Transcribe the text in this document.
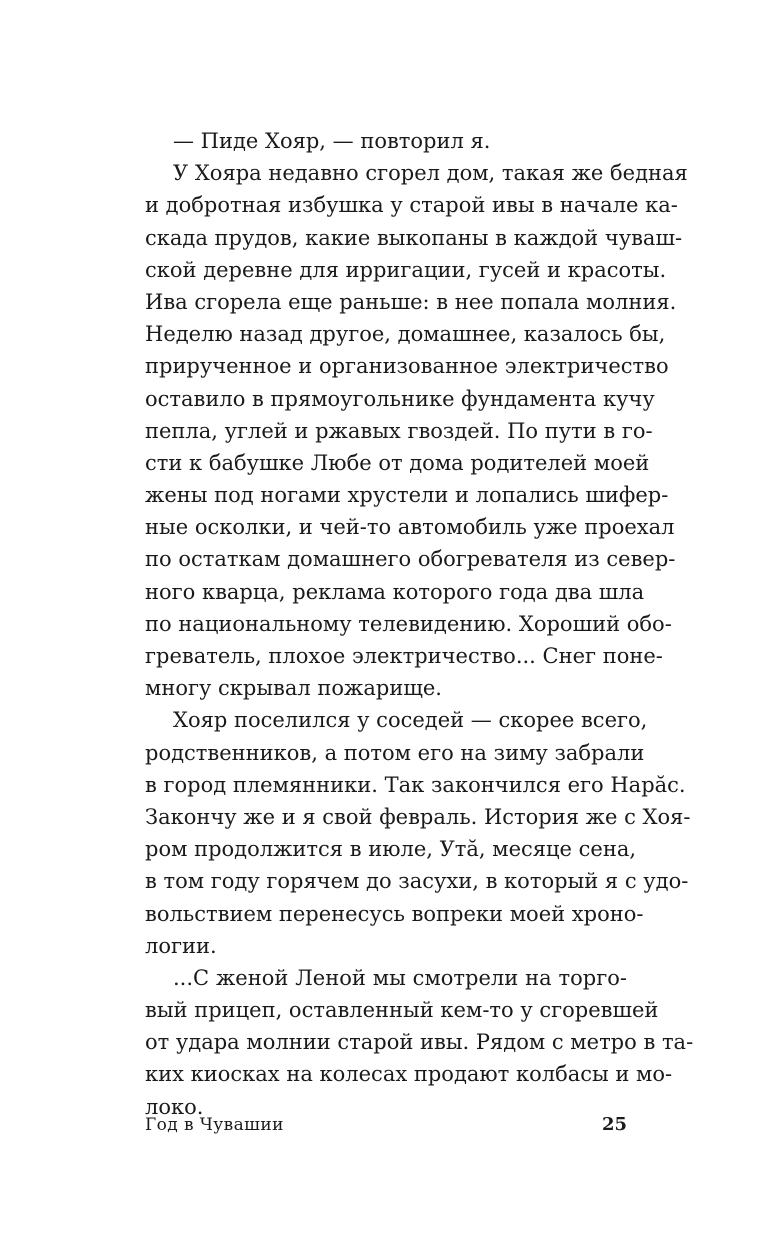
— Пиде Хояр, — повторил я.
У Хояра недавно сгорел дом, такая же бедная
и добротная избушка у старой ивы в начале ка-
скада прудов, какие выкопаны в каждой чуваш-
ской деревне для ирригации, гусей и красоты.
Ива сгорела еще раньше: в нее попала молния.
Неделю назад другое, домашнее, казалось бы,
прирученное и организованное электричество
оставило в прямоугольнике фундамента кучу
пепла, углей и ржавых гвоздей. По пути в го-
сти к бабушке Любе от дома родителей моей
жены под ногами хрустели и лопались шифер-
ные осколки, и чей-то автомобиль уже проехал
по остаткам домашнего обогревателя из север-
ного кварца, реклама которого года два шла
по национальному телевидению. Хороший обо-
греватель, плохое электричество... Снег поне-
многу скрывал пожарище.
Хояр поселился у соседей — скорее всего,
родственников, а потом его на зиму забрали
в город племянники. Так закончился его Нарăс.
Закончу же и я свой февраль. История же с Хоя-
ром продолжится в июле, Утă, месяце сена,
в том году горячем до засухи, в который я с удо-
вольствием перенесусь вопреки моей хроно-
логии.
...С женой Леной мы смотрели на торго-
вый прицеп, оставленный кем-то у сгоревшей
от удара молнии старой ивы. Рядом с метро в та-
ких киосках на колесах продают колбасы и мо-
локо.
Год в Чувашии	25
